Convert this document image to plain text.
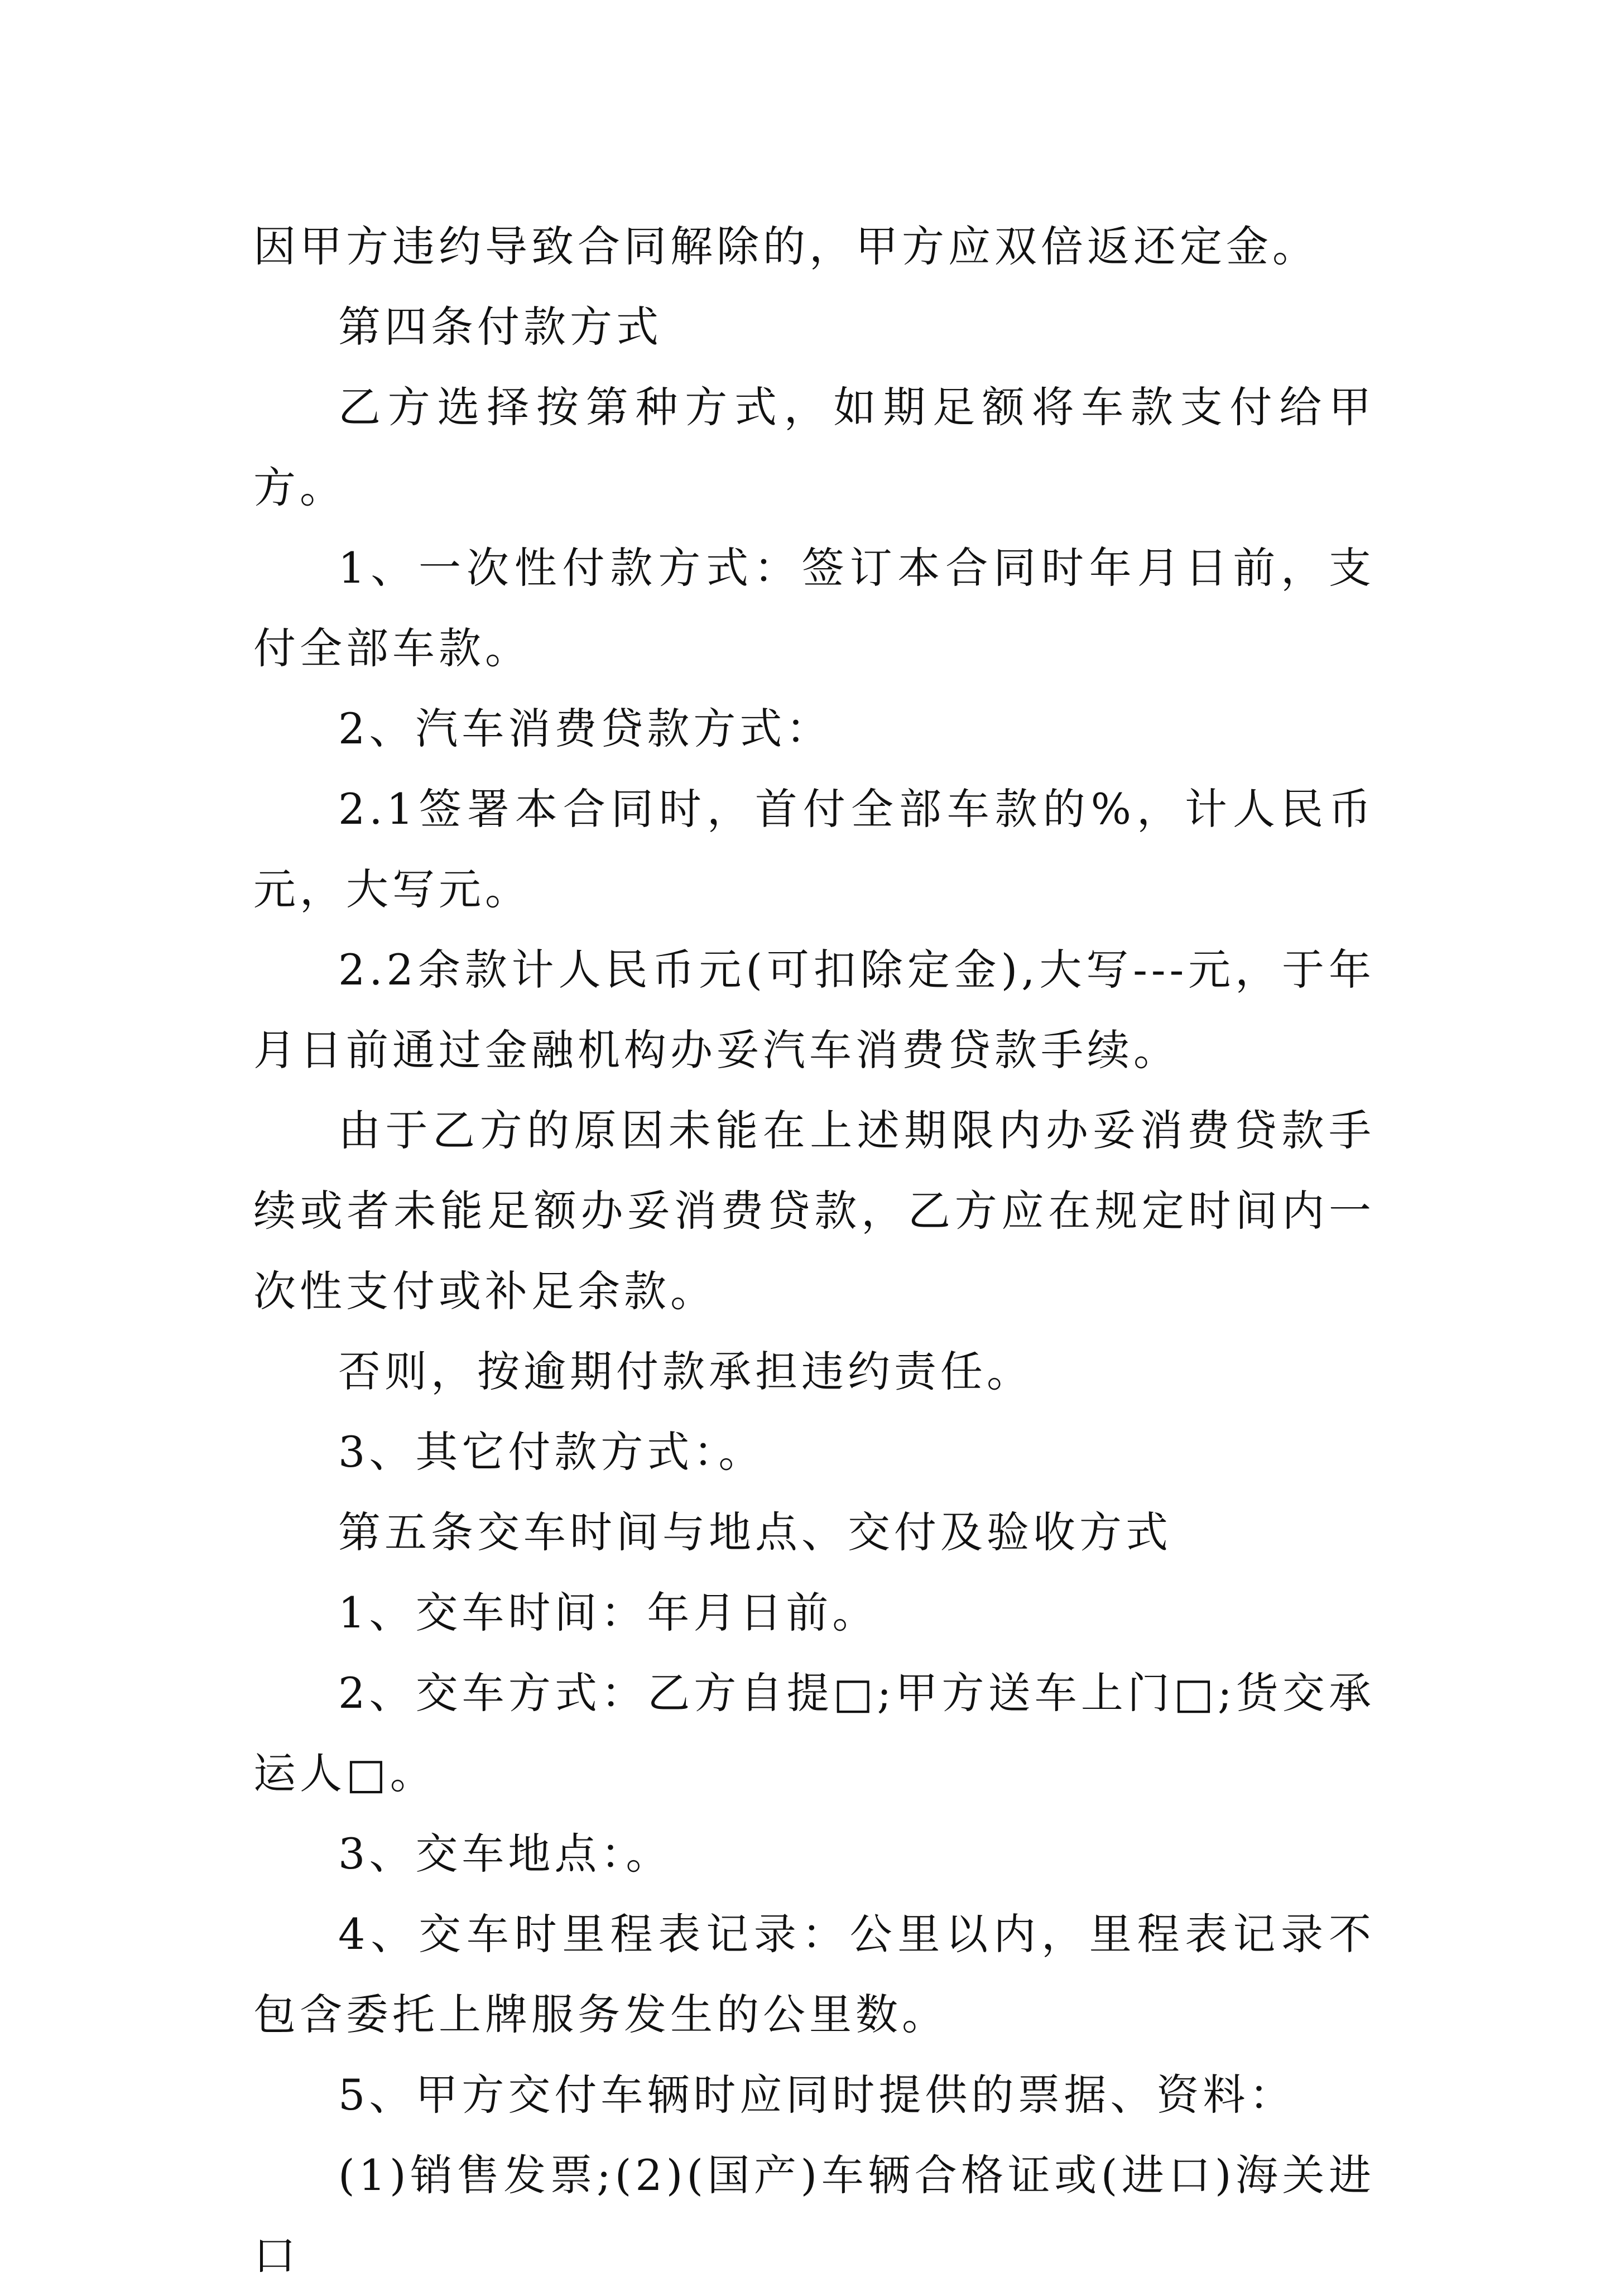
因甲方违约导致合同解除的，甲方应双倍返还定金。

第四条付款方式

乙方选择按第种方式，如期足额将车款支付给甲方。

1、一次性付款方式：签订本合同时年月日前，支付全部车款。

2、汽车消费贷款方式：

2.1签署本合同时，首付全部车款的%，计人民币元，大写元。

2.2余款计人民币元(可扣除定金),大写---元，于年月日前通过金融机构办妥汽车消费贷款手续。

由于乙方的原因未能在上述期限内办妥消费贷款手续或者未能足额办妥消费贷款，乙方应在规定时间内一次性支付或补足余款。

否则，按逾期付款承担违约责任。

3、其它付款方式：。

第五条交车时间与地点、交付及验收方式

1、交车时间：年月日前。

2、交车方式：乙方自提□;甲方送车上门□;货交承运人□。

3、交车地点：。

4、交车时里程表记录：公里以内，里程表记录不包含委托上牌服务发生的公里数。

5、甲方交付车辆时应同时提供的票据、资料：

(1)销售发票;(2)(国产)车辆合格证或(进口)海关进口
